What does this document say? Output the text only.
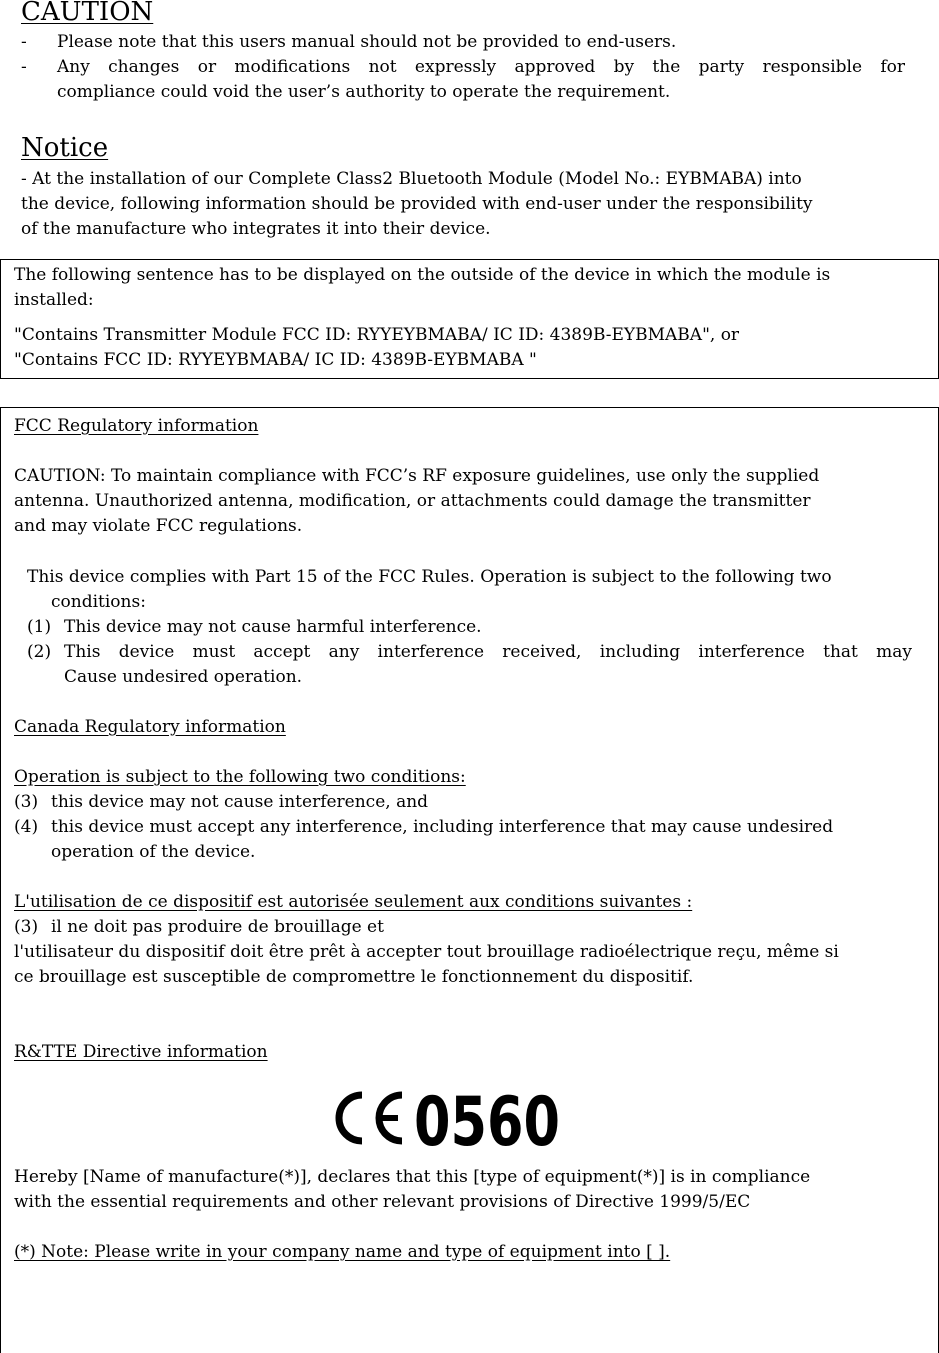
CAUTION
- Please note that this users manual should not be provided to end-users.
- Any changes or modifications not expressly approved by the party responsible for
compliance could void the user’s authority to operate the requirement.
Notice
- At the installation of our Complete Class2 Bluetooth Module (Model No.: EYBMABA) into
the device, following information should be provided with end-user under the responsibility
of the manufacture who integrates it into their device.
The following sentence has to be displayed on the outside of the device in which the module is
installed:
"Contains Transmitter Module FCC ID: RYYEYBMABA/ IC ID: 4389B-EYBMABA", or
"Contains FCC ID: RYYEYBMABA/ IC ID: 4389B-EYBMABA "
FCC Regulatory information
CAUTION: To maintain compliance with FCC’s RF exposure guidelines, use only the supplied
antenna. Unauthorized antenna, modification, or attachments could damage the transmitter
and may violate FCC regulations.
This device complies with Part 15 of the FCC Rules. Operation is subject to the following two
conditions:
(1) This device may not cause harmful interference.
(2) This device must accept any interference received, including interference that may
Cause undesired operation.
Canada Regulatory information
Operation is subject to the following two conditions:
(3) this device may not cause interference, and
(4) this device must accept any interference, including interference that may cause undesired
operation of the device.
L'utilisation de ce dispositif est autorisée seulement aux conditions suivantes :
(3) il ne doit pas produire de brouillage et
l'utilisateur du dispositif doit être prêt à accepter tout brouillage radioélectrique reçu, même si
ce brouillage est susceptible de compromettre le fonctionnement du dispositif.
R&TTE Directive information
Hereby [Name of manufacture(*)], declares that this [type of equipment(*)] is in compliance
with the essential requirements and other relevant provisions of Directive 1999/5/EC
(*) Note: Please write in your company name and type of equipment into [ ].
0560
